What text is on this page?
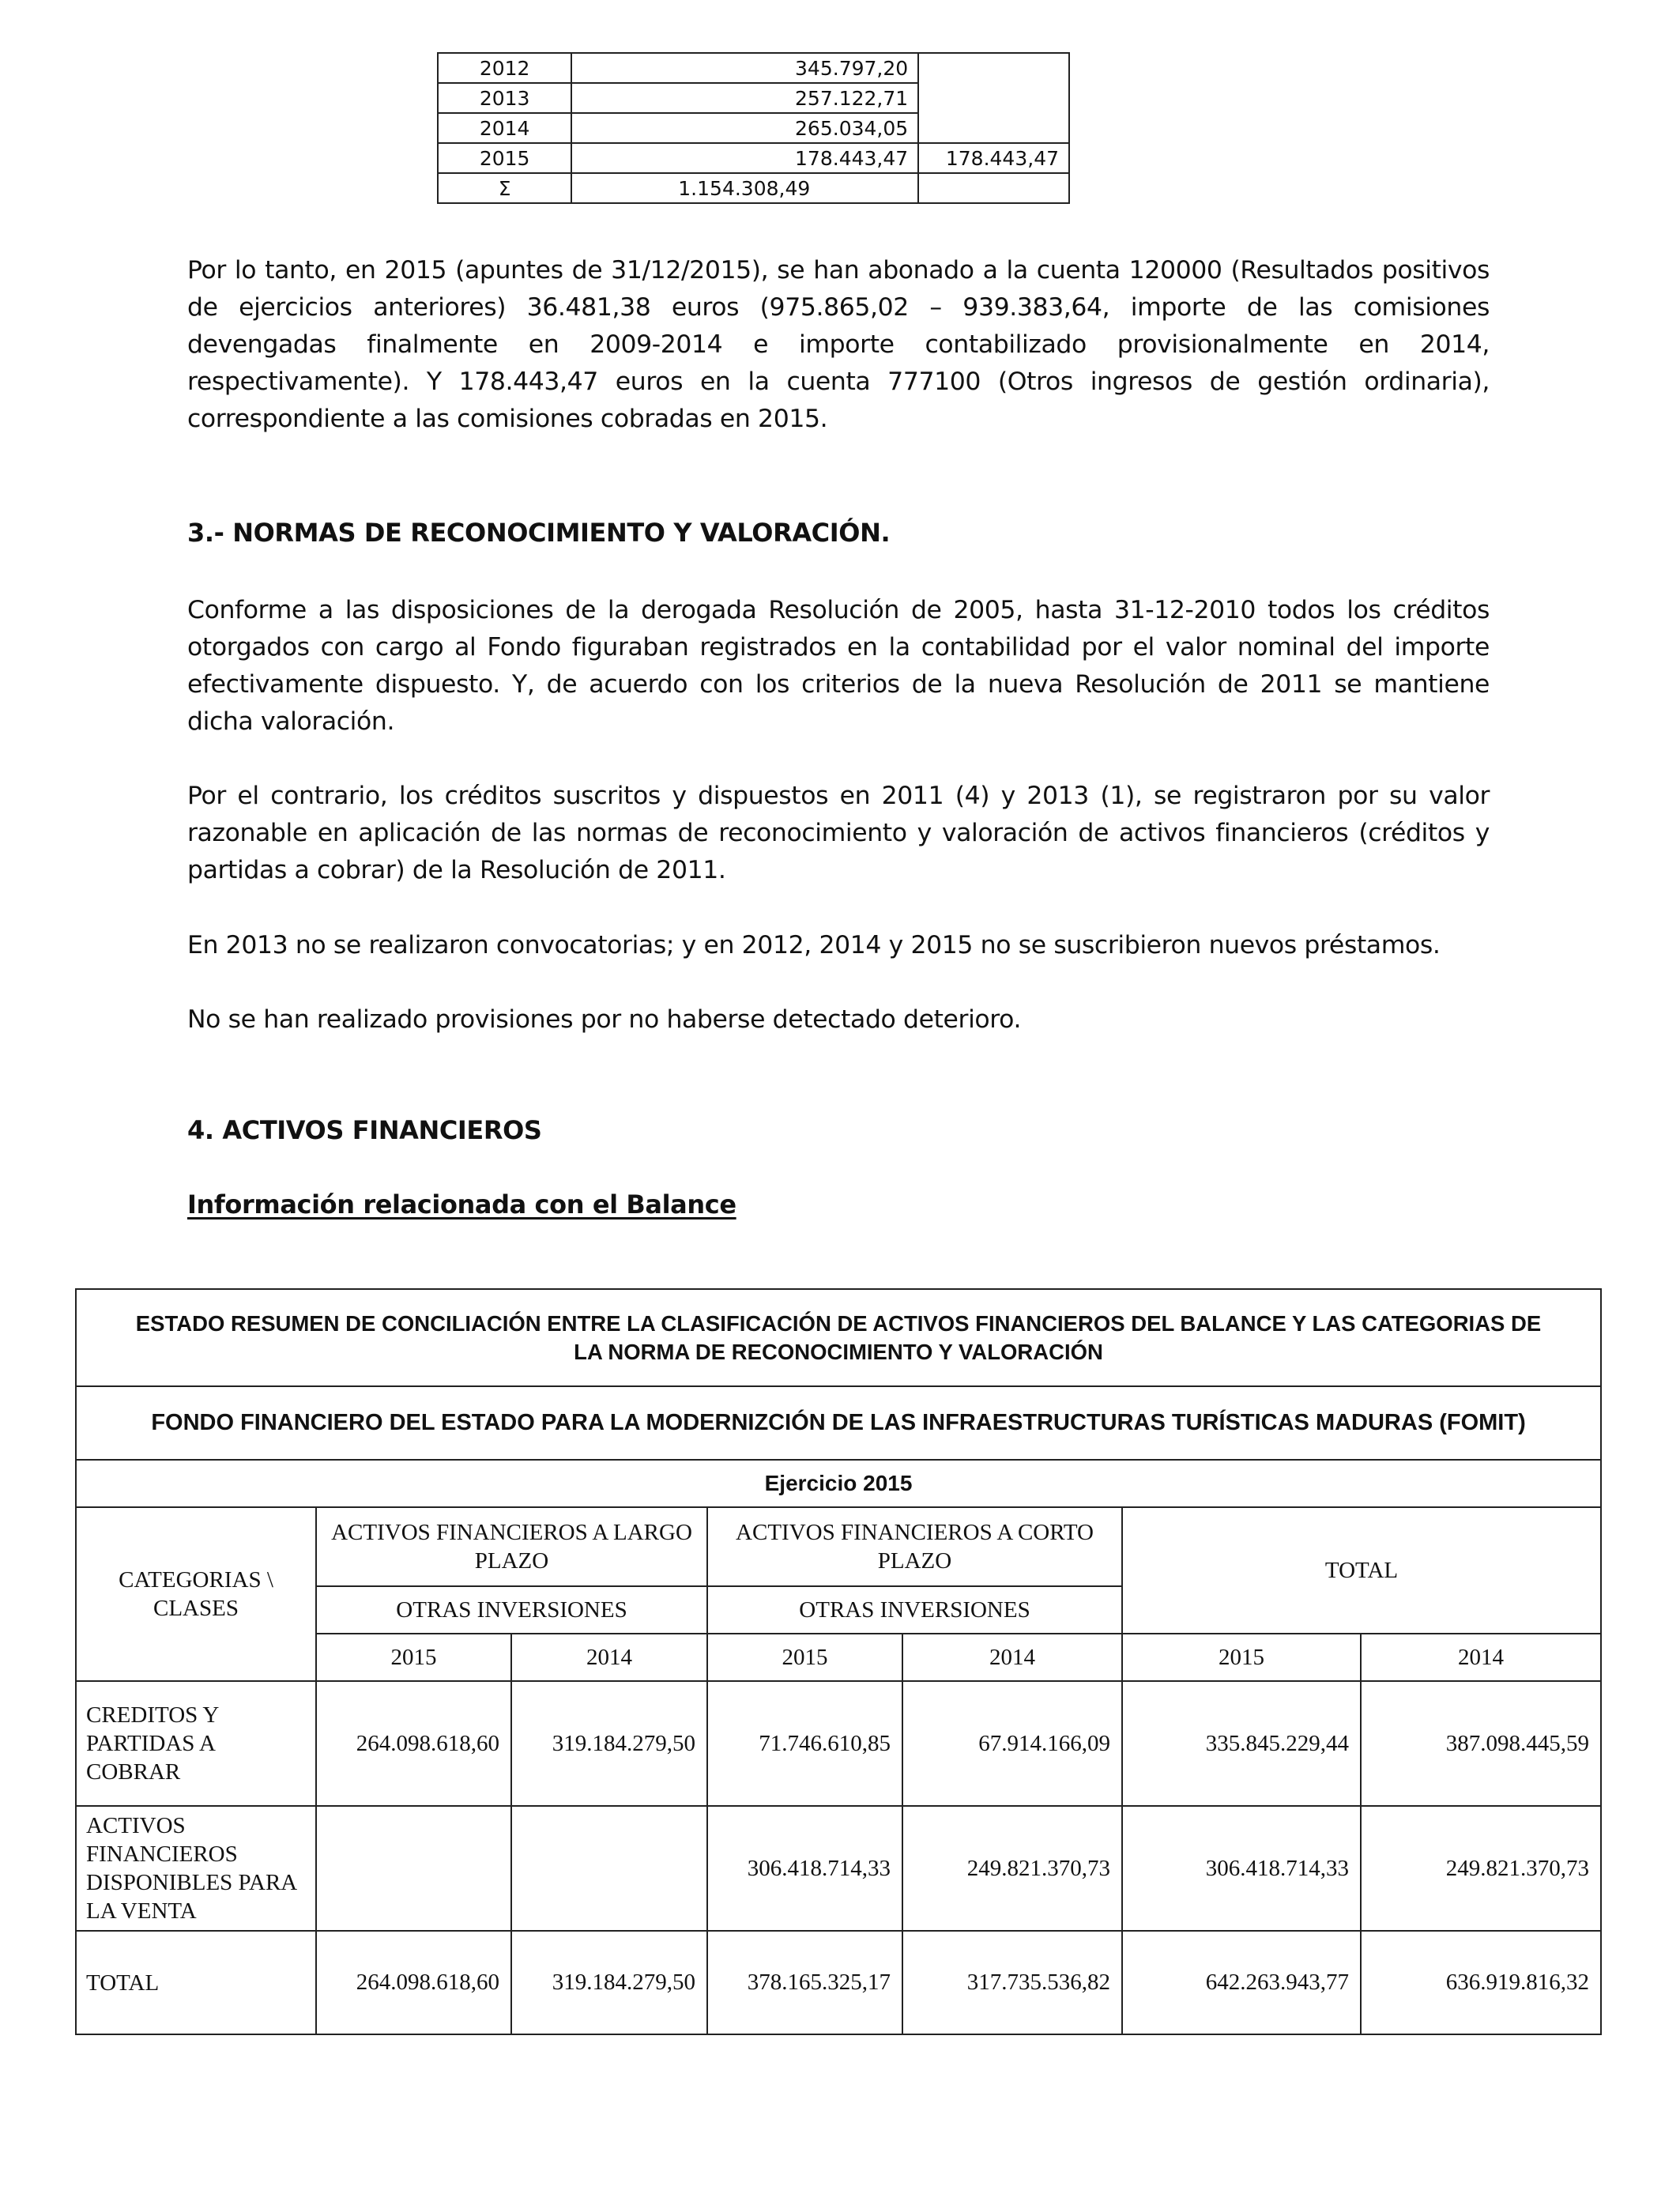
2012	345.797,20	
2013	257.122,71	
2014	265.034,05	
2015	178.443,47	178.443,47
Σ	1.154.308,49	

Por lo tanto, en 2015 (apuntes de 31/12/2015), se han abonado a la cuenta 120000 (Resultados positivos de ejercicios anteriores) 36.481,38 euros (975.865,02 – 939.383,64, importe de las comisiones devengadas finalmente en 2009-2014 e importe contabilizado provisionalmente en 2014, respectivamente). Y 178.443,47 euros en la cuenta 777100 (Otros ingresos de gestión ordinaria), correspondiente a las comisiones cobradas en 2015.

3.- NORMAS DE RECONOCIMIENTO Y VALORACIÓN.

Conforme a las disposiciones de la derogada Resolución de 2005, hasta 31-12-2010 todos los créditos otorgados con cargo al Fondo figuraban registrados en la contabilidad por el valor nominal del importe efectivamente dispuesto. Y, de acuerdo con los criterios de la nueva Resolución de 2011 se mantiene dicha valoración.

Por el contrario, los créditos suscritos y dispuestos en 2011 (4) y 2013 (1), se registraron por su valor razonable en aplicación de las normas de reconocimiento y valoración de activos financieros (créditos y partidas a cobrar) de la Resolución de 2011.

En 2013 no se realizaron convocatorias; y en 2012, 2014 y 2015 no se suscribieron nuevos préstamos.

No se han realizado provisiones por no haberse detectado deterioro.

4. ACTIVOS FINANCIEROS
Información relacionada con el Balance
ESTADO RESUMEN DE CONCILIACIÓN ENTRE LA CLASIFICACIÓN DE ACTIVOS FINANCIEROS DEL BALANCE Y LAS CATEGORIAS DE LA NORMA DE RECONOCIMIENTO Y VALORACIÓN						
FONDO FINANCIERO DEL ESTADO PARA LA MODERNIZCIÓN DE LAS INFRAESTRUCTURAS TURÍSTICAS MADURAS (FOMIT)						
Ejercicio 2015						
CATEGORIAS \ CLASES	ACTIVOS FINANCIEROS A LARGO PLAZO		ACTIVOS FINANCIEROS A CORTO PLAZO		TOTAL	
	OTRAS INVERSIONES		OTRAS INVERSIONES			
	2015	2014	2015	2014	2015	2014
CREDITOS Y PARTIDAS A COBRAR	264.098.618,60	319.184.279,50	71.746.610,85	67.914.166,09	335.845.229,44	387.098.445,59
ACTIVOS FINANCIEROS DISPONIBLES PARA LA VENTA			306.418.714,33	249.821.370,73	306.418.714,33	249.821.370,73
TOTAL	264.098.618,60	319.184.279,50	378.165.325,17	317.735.536,82	642.263.943,77	636.919.816,32
